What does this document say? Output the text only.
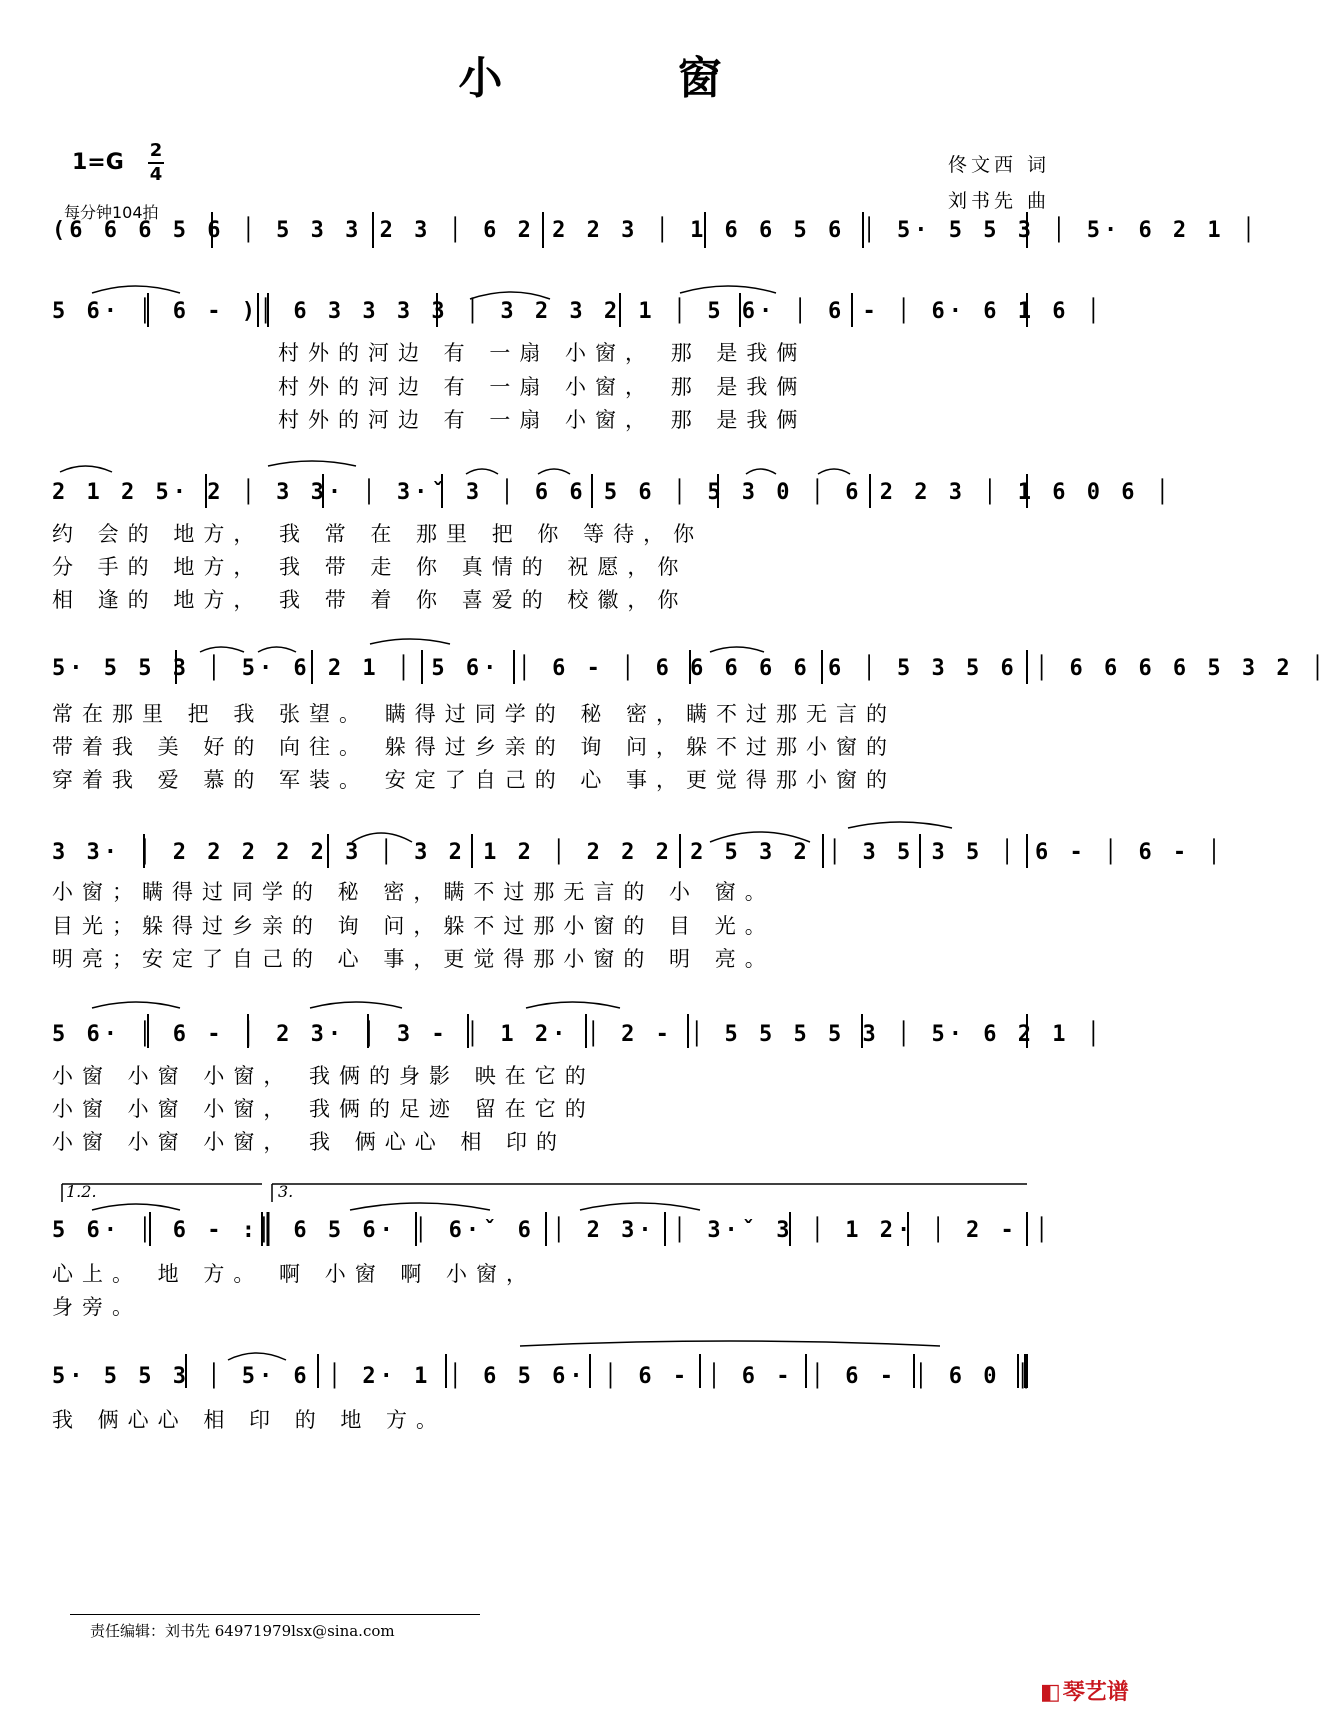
小 窗
1=G 2
4
每分钟104拍
佟文西 词
刘书先 曲
(6 6 6 5 6 │ 5 3 3 2 3 │ 6 2 2 2 3 │ 1 6 6 5 6 │ 5· 5 5 3 │ 5· 6 2 1 │
5 6· │ 6 - )│ 6 3 3 3 3 │ 3 2 3 2 1 │ 5 6· │ 6 - │ 6· 6 1 6 │
村外的河边 有 一扇 小窗， 那 是我俩
村外的河边 有 一扇 小窗， 那 是我俩
村外的河边 有 一扇 小窗， 那 是我俩
2 1 2 5· 2 │ 3 3· │ 3·ˇ 3 │ 6 6 5 6 │ 5 3 0 │ 6 2 2 3 │ 1 6 0 6 │
约 会的 地方， 我 常 在 那里 把 你 等待，你
分 手的 地方， 我 带 走 你 真情的 祝愿，你
相 逢的 地方， 我 带 着 你 喜爱的 校徽，你
5· 5 5 3 │ 5· 6 2 1 │ 5 6· │ 6 - │ 6 6 6 6 6 6 │ 5 3 5 6 │ 6 6 6 6 5 3 2 │
常在那里 把 我 张望。 瞒得过同学的 秘 密，瞒不过那无言的
带着我 美 好的 向往。 躲得过乡亲的 询 问，躲不过那小窗的
穿着我 爱 慕的 军装。 安定了自己的 心 事，更觉得那小窗的
3 3· │ 2 2 2 2 2 3 │ 3 2 1 2 │ 2 2 2 2 5 3 2 │ 3 5 3 5 │ 6 - │ 6 - │
小窗；瞒得过同学的 秘 密，瞒不过那无言的 小 窗。
目光；躲得过乡亲的 询 问，躲不过那小窗的 目 光。
明亮；安定了自己的 心 事，更觉得那小窗的 明 亮。
5 6· │ 6 - │ 2 3· │ 3 - │ 1 2· │ 2 - │ 5 5 5 5 3 │ 5· 6 2 1 │
小窗 小窗 小窗， 我俩的身影 映在它的
小窗 小窗 小窗， 我俩的足迹 留在它的
小窗 小窗 小窗， 我 俩心心 相 印的
1.2.	3.
5 6· │ 6 - :║ 6 5 6· │ 6·ˇ 6 │ 2 3· │ 3·ˇ 3 │ 1 2· │ 2 - │
心上。 地 方。 啊 小窗 啊 小窗，
身旁。
5· 5 5 3 │ 5· 6 │ 2· 1 │ 6 5 6· │ 6 - │ 6 - │ 6 - │ 6 0 ║
我 俩心心 相 印 的 地 方。
责任编辑：刘书先 64971979lsx@sina.com
◧琴艺谱
